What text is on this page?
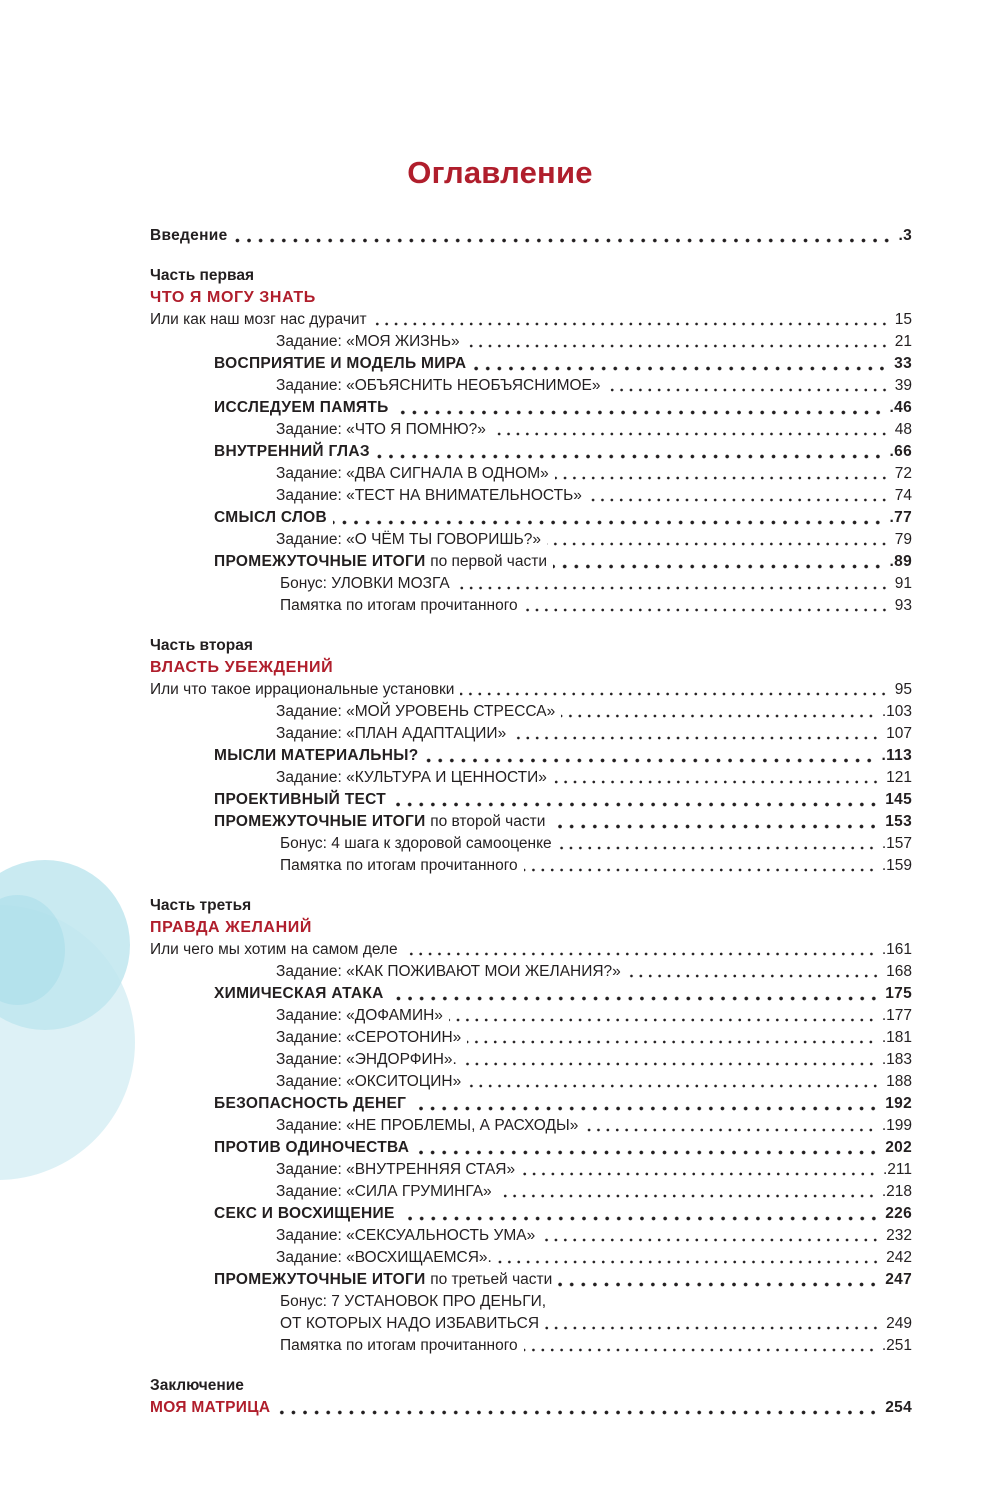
Оглавление
Введение	.3
Часть первая
ЧТО Я МОГУ ЗНАТЬ
Или как наш мозг нас дурачит	15
Задание: «МОЯ ЖИЗНЬ»	21
ВОСПРИЯТИЕ И МОДЕЛЬ МИРА	33
Задание: «ОБЪЯСНИТЬ НЕОБЪЯСНИМОЕ»	39
ИССЛЕДУЕМ ПАМЯТЬ	.46
Задание: «ЧТО Я ПОМНЮ?»	48
ВНУТРЕННИЙ ГЛАЗ	.66
Задание: «ДВА СИГНАЛА В ОДНОМ»	72
Задание: «ТЕСТ НА ВНИМАТЕЛЬНОСТЬ»	74
СМЫСЛ СЛОВ	.77
Задание: «О ЧЁМ ТЫ ГОВОРИШЬ?»	79
ПРОМЕЖУТОЧНЫЕ ИТОГИ по первой части	.89
Бонус: УЛОВКИ МОЗГА	91
Памятка по итогам прочитанного	93
Часть вторая
ВЛАСТЬ УБЕЖДЕНИЙ
Или что такое иррациональные установки	95
Задание: «МОЙ УРОВЕНЬ СТРЕССА»	.103
Задание: «ПЛАН АДАПТАЦИИ»	107
МЫСЛИ МАТЕРИАЛЬНЫ?	.113
Задание: «КУЛЬТУРА И ЦЕННОСТИ»	121
ПРОЕКТИВНЫЙ ТЕСТ	145
ПРОМЕЖУТОЧНЫЕ ИТОГИ по второй части	153
Бонус: 4 шага к здоровой самооценке	.157
Памятка по итогам прочитанного	.159
Часть третья
ПРАВДА ЖЕЛАНИЙ
Или чего мы хотим на самом деле	.161
Задание: «КАК ПОЖИВАЮТ МОИ ЖЕЛАНИЯ?»	168
ХИМИЧЕСКАЯ АТАКА	175
Задание: «ДОФАМИН»	.177
Задание: «СЕРОТОНИН»	.181
Задание: «ЭНДОРФИН».	.183
Задание: «ОКСИТОЦИН»	188
БЕЗОПАСНОСТЬ ДЕНЕГ	192
Задание: «НЕ ПРОБЛЕМЫ, А РАСХОДЫ»	.199
ПРОТИВ ОДИНОЧЕСТВА	202
Задание: «ВНУТРЕННЯЯ СТАЯ»	.211
Задание: «СИЛА ГРУМИНГА»	.218
СЕКС И ВОСХИЩЕНИЕ	226
Задание: «СЕКСУАЛЬНОСТЬ УМА»	232
Задание: «ВОСХИЩАЕМСЯ».	242
ПРОМЕЖУТОЧНЫЕ ИТОГИ по третьей части	247
Бонус: 7 УСТАНОВОК ПРО ДЕНЬГИ,
ОТ КОТОРЫХ НАДО ИЗБАВИТЬСЯ	249
Памятка по итогам прочитанного	.251
Заключение
МОЯ МАТРИЦА	254
